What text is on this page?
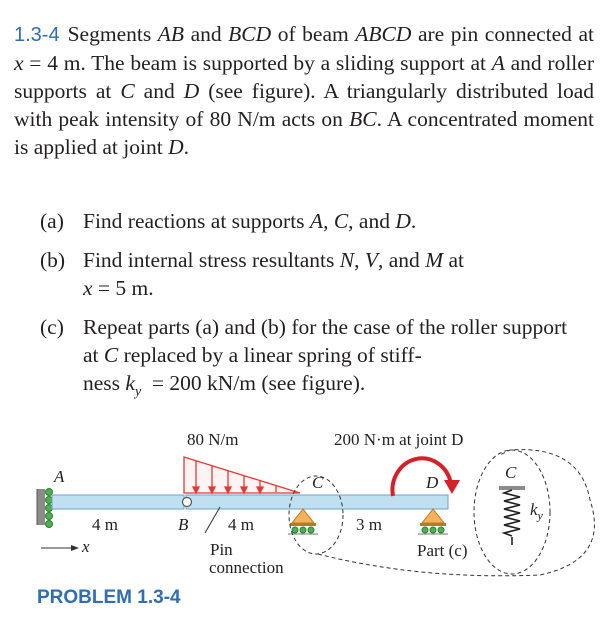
1.3-4 Segments AB and BCD of beam ABCD are pin connected at x = 4 m. The beam is supported by a sliding support at A and roller supports at C and D (see figure). A triangularly distributed load with peak intensity of 80 N/m acts on BC. A concentrated moment is applied at joint D.

(a) Find reactions at supports A, C, and D.
(b) Find internal stress resultants N, V, and M at
x = 5 m.
(c) Repeat parts (a) and (b) for the case of the roller support at C replaced by a linear spring of stiff-
ness $k_y = 200$ kN/m (see figure).
80 N/m	200 N·m at joint D
A	C	D
B
4 m	4 m	3 m
x	Pin
connection
Part (c)
C
$k_y$
PROBLEM 1.3-4
